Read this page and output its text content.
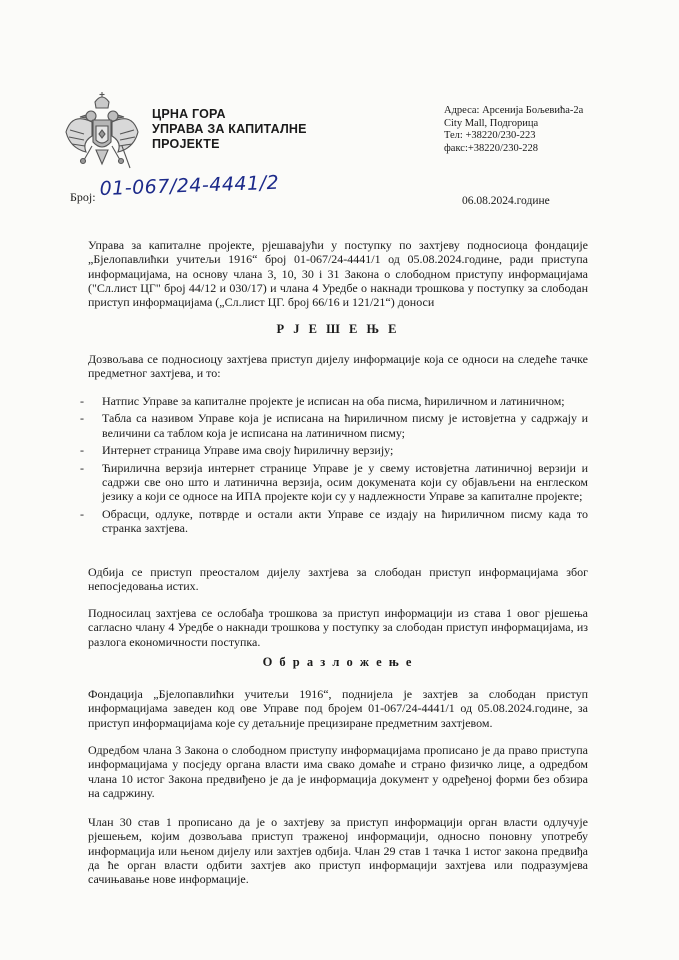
ЦРНА ГОРА
УПРАВА ЗА КАПИТАЛНЕ
ПРОЈЕКТЕ
Адреса: Арсенија Бољевића-2а
City Mall, Подгорица
Тел: +38220/230-223
факс:+38220/230-228
Број: 01-067/24-4441/2
06.08.2024.године
Управа за капиталне пројекте, рјешавајући у поступку по захтјеву подносиоца фондације „Бјелопавлићки учитељи 1916“ број 01-067/24-4441/1 од 05.08.2024.године, ради приступа информацијама, на основу члана 3, 10, 30 i 31 Закона о слободном приступу информацијама ("Сл.лист ЦГ" број 44/12 и 030/17) и члана 4 Уредбе о накнади трошкова у поступку за слободан приступ информацијама („Сл.лист ЦГ. број 66/16 и 121/21“) доноси
Р Ј Е Ш Е Њ Е
Дозвољава се подносиоцу захтјева приступ дијелу информације која се односи на следеће тачке предметног захтјева, и то:
- Натпис Управе за капиталне пројекте је исписан на оба писма, ћириличном и латиничном;
- Табла са називом Управе која је исписана на ћириличном писму је истовјетна у садржају и величини са таблом која је исписана на латиничном писму;
- Интернет страница Управе има своју ћириличну верзију;
- Ћирилична верзија интернет странице Управе је у свему истовјетна латиничној верзији и садржи све оно што и латинична верзија, осим докумената који су објављени на енглеском језику а који се односе на ИПА пројекте који су у надлежности Управе за капиталне пројекте;
- Обрасци, одлуке, потврде и остали акти Управе се издају на ћириличном писму када то странка захтјева.
Одбија се приступ преосталом дијелу захтјева за слободан приступ информацијама због непосједовања истих.
Подносилац захтјева се ослобађа трошкова за приступ информацији из става 1 овог рјешења сагласно члану 4 Уредбе о накнади трошкова у поступку за слободан приступ информацијама, из разлога економичности поступка.
О б р а з л о ж е њ е
Фондација „Бјелопавлићки учитељи 1916“, поднијела је захтјев за слободан приступ информацијама заведен код ове Управе под бројем 01-067/24-4441/1 од 05.08.2024.године, за приступ информацијама које су детаљније прецизиране предметним захтјевом.
Одредбом члана 3 Закона о слободном приступу информацијама прописано је да право приступа информацијама у посједу органа власти има свако домаће и страно физичко лице, а одредбом члана 10 истог Закона предвиђено је да је информација документ у одређеној форми без обзира на садржину.
Члан 30 став 1 прописано да је о захтјеву за приступ информацији орган власти одлучује рјешењем, којим дозвољава приступ траженој информацији, односно поновну употребу информација или њеном дијелу или захтјев одбија. Члан 29 став 1 тачка 1 истог закона предвиђа да ће орган власти одбити захтјев ако приступ информацији захтјева или подразумјева сачињавање нове информације.
